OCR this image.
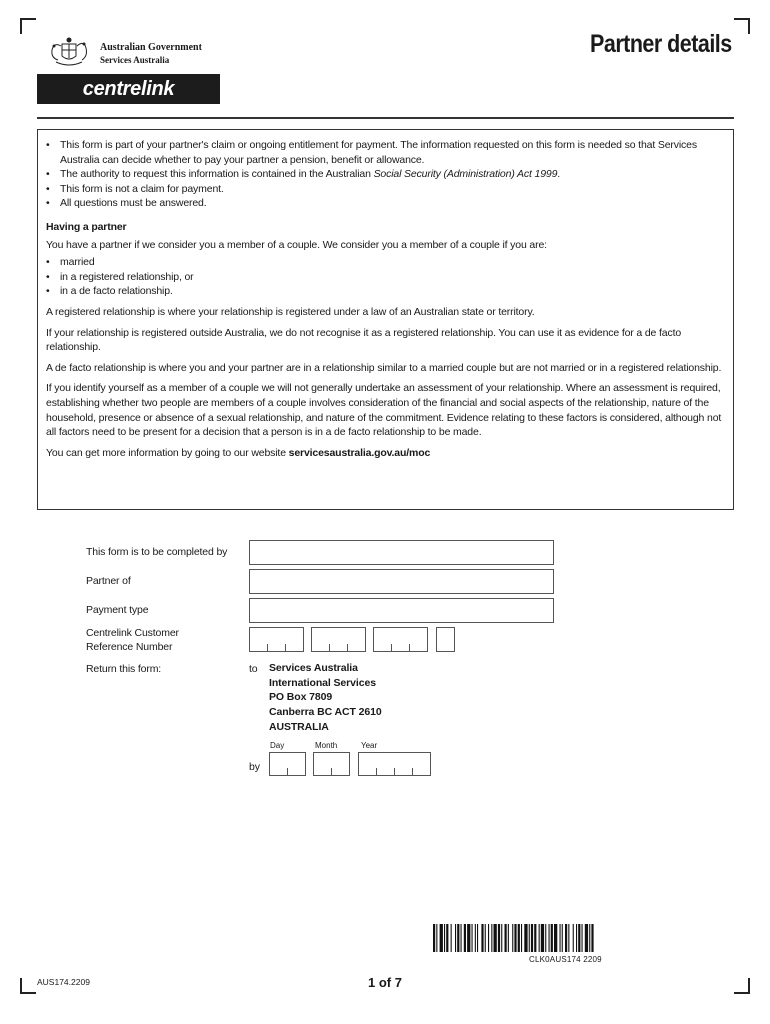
Australian Government
Services Australia
centrelink
Partner details
• This form is part of your partner's claim or ongoing entitlement for payment. The information requested on this form is needed so that Services Australia can decide whether to pay your partner a pension, benefit or allowance.
• The authority to request this information is contained in the Australian Social Security (Administration) Act 1999.
• This form is not a claim for payment.
• All questions must be answered.

Having a partner

You have a partner if we consider you a member of a couple. We consider you a member of a couple if you are:

• married
• in a registered relationship, or
• in a de facto relationship.

A registered relationship is where your relationship is registered under a law of an Australian state or territory.

If your relationship is registered outside Australia, we do not recognise it as a registered relationship. You can use it as evidence for a de facto relationship.

A de facto relationship is where you and your partner are in a relationship similar to a married couple but are not married or in a registered relationship.

If you identify yourself as a member of a couple we will not generally undertake an assessment of your relationship. Where an assessment is required, establishing whether two people are members of a couple involves consideration of the financial and social aspects of the relationship, nature of the household, presence or absence of a sexual relationship, and nature of the commitment. Evidence relating to these factors is considered, although not all factors need to be present for a decision that a person is in a de facto relationship to be made.

You can get more information by going to our website servicesaustralia.gov.au/moc

This form is to be completed by
Partner of
Payment type
Centrelink Customer
Reference Number
Return this form:	to Services Australia
International Services
PO Box 7809
Canberra BC ACT 2610
AUSTRALIA
Day	Month	Year
by
CLK0AUS174 2209
AUS174.2209	1 of 7
